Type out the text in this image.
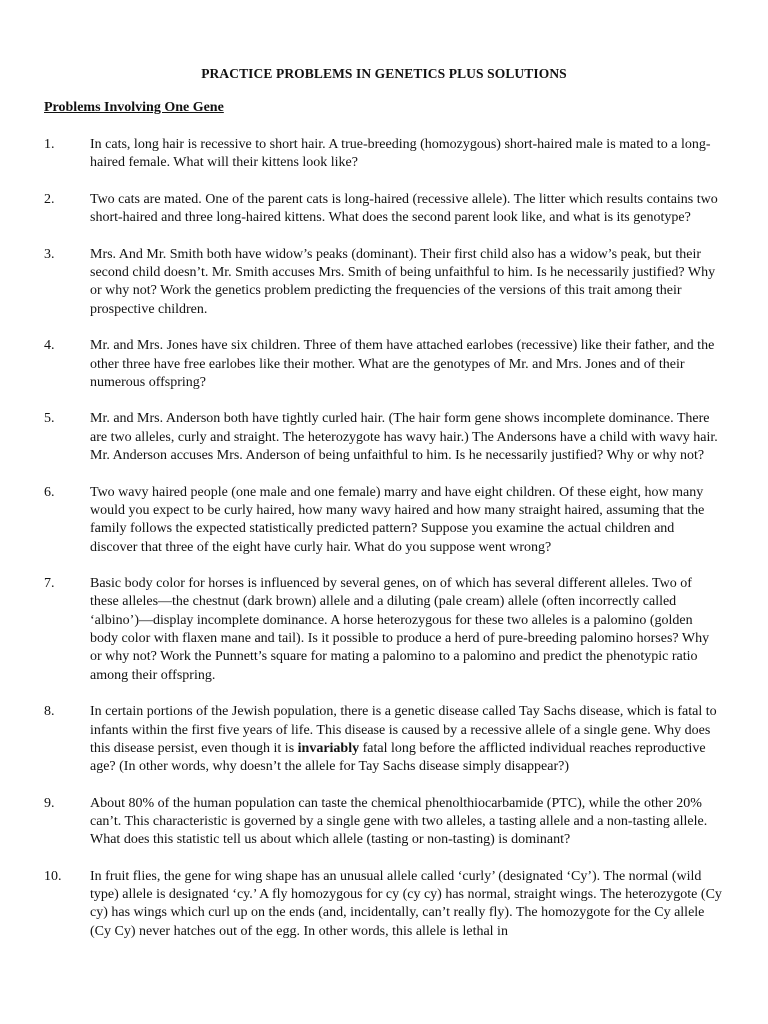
PRACTICE PROBLEMS IN GENETICS PLUS SOLUTIONS
Problems Involving One Gene
1.	In cats, long hair is recessive to short hair. A true-breeding (homozygous) short-haired male is mated to a long-haired female. What will their kittens look like?
2.	Two cats are mated. One of the parent cats is long-haired (recessive allele). The litter which results contains two short-haired and three long-haired kittens. What does the second parent look like, and what is its genotype?
3.	Mrs. And Mr. Smith both have widow’s peaks (dominant). Their first child also has a widow’s peak, but their second child doesn’t. Mr. Smith accuses Mrs. Smith of being unfaithful to him. Is he necessarily justified? Why or why not? Work the genetics problem predicting the frequencies of the versions of this trait among their prospective children.
4.	Mr. and Mrs. Jones have six children. Three of them have attached earlobes (recessive) like their father, and the other three have free earlobes like their mother. What are the genotypes of Mr. and Mrs. Jones and of their numerous offspring?
5.	Mr. and Mrs. Anderson both have tightly curled hair. (The hair form gene shows incomplete dominance. There are two alleles, curly and straight. The heterozygote has wavy hair.) The Andersons have a child with wavy hair. Mr. Anderson accuses Mrs. Anderson of being unfaithful to him. Is he necessarily justified? Why or why not?
6.	Two wavy haired people (one male and one female) marry and have eight children. Of these eight, how many would you expect to be curly haired, how many wavy haired and how many straight haired, assuming that the family follows the expected statistically predicted pattern? Suppose you examine the actual children and discover that three of the eight have curly hair. What do you suppose went wrong?
7.	Basic body color for horses is influenced by several genes, on of which has several different alleles. Two of these alleles—the chestnut (dark brown) allele and a diluting (pale cream) allele (often incorrectly called ‘albino’)—display incomplete dominance. A horse heterozygous for these two alleles is a palomino (golden body color with flaxen mane and tail). Is it possible to produce a herd of pure-breeding palomino horses? Why or why not? Work the Punnett’s square for mating a palomino to a palomino and predict the phenotypic ratio among their offspring.
8.	In certain portions of the Jewish population, there is a genetic disease called Tay Sachs disease, which is fatal to infants within the first five years of life. This disease is caused by a recessive allele of a single gene. Why does this disease persist, even though it is invariably fatal long before the afflicted individual reaches reproductive age? (In other words, why doesn’t the allele for Tay Sachs disease simply disappear?)
9.	About 80% of the human population can taste the chemical phenolthiocarbamide (PTC), while the other 20% can’t. This characteristic is governed by a single gene with two alleles, a tasting allele and a non-tasting allele. What does this statistic tell us about which allele (tasting or non-tasting) is dominant?
10. In fruit flies, the gene for wing shape has an unusual allele called ‘curly’ (designated ‘Cy’). The normal (wild type) allele is designated ‘cy.’ A fly homozygous for cy (cy cy) has normal, straight wings. The heterozygote (Cy cy) has wings which curl up on the ends (and, incidentally, can’t really fly). The homozygote for the Cy allele (Cy Cy) never hatches out of the egg. In other words, this allele is lethal in
